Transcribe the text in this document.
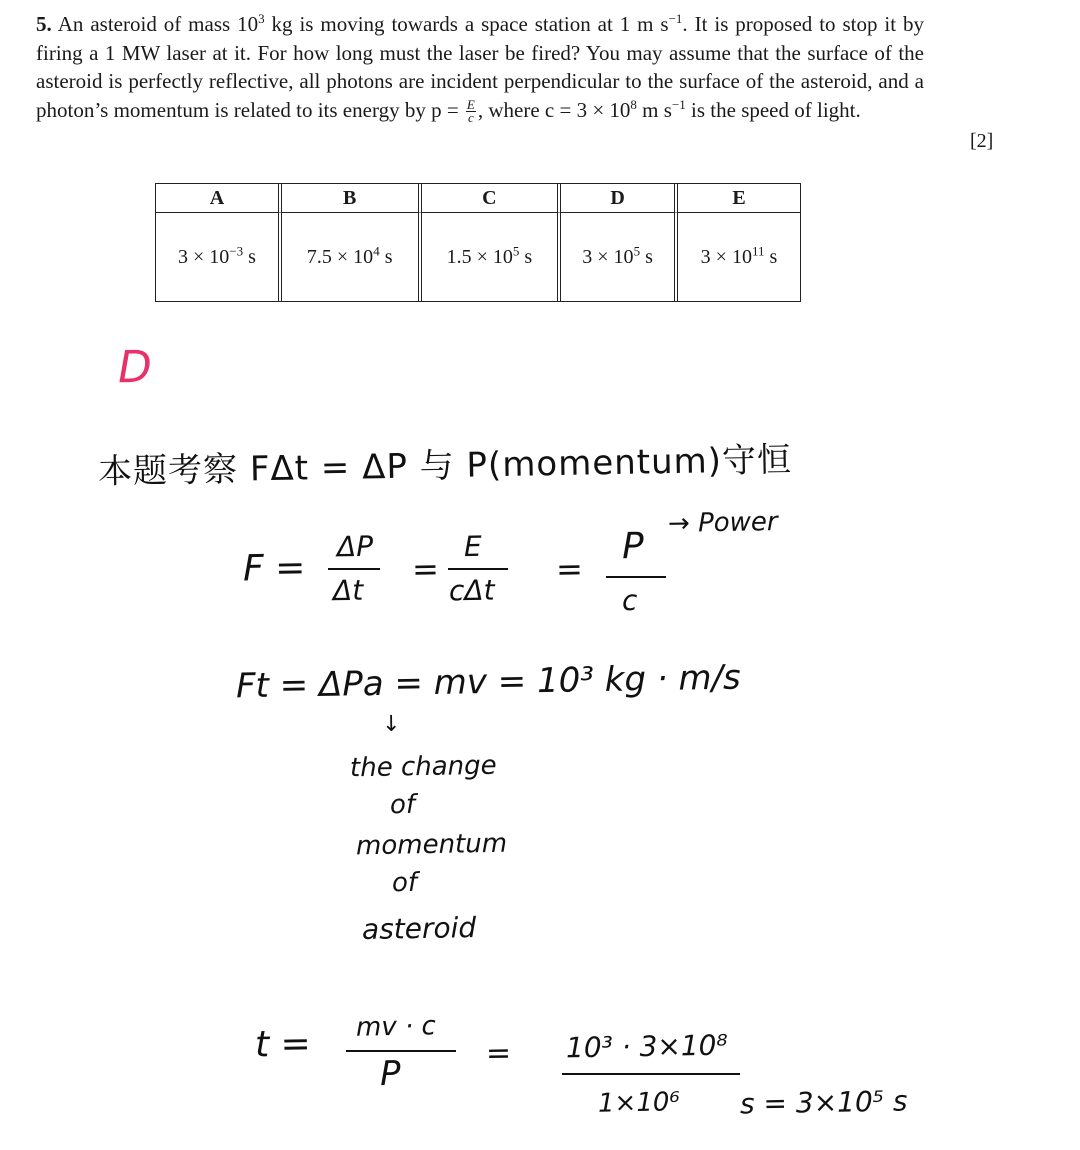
5. An asteroid of mass $10^3$ kg is moving towards a space station at 1 m $s^{-1}$. It is proposed to stop it by firing a 1 MW laser at it. For how long must the laser be fired? You may assume that the surface of the asteroid is perfectly reflective, all photons are incident perpendicular to the surface of the asteroid, and a photon’s momentum is related to its energy by $p = \frac{E}{c}$ , where $c = 3 \times 10^8$ m $s^{-1}$ is the speed of light.
[2]
A	B	C	D	E
$3 \times 10^{-3}$ s	$7.5 \times 10^4$ s	$1.5 \times 10^5$ s	$3 \times 10^5$ s	$3 \times 10^{11}$ s
D
本题考察 FΔt = ΔP 与 P(momentum)守恒
F =
ΔP
Δt
=
E
cΔt
=
P
c
→ Power
Ft = ΔPa = mv = 10³ kg · m/s
↓
the change
of
momentum
of
asteroid
t = mv · c
P
= 10³ · 3×10⁸
1×10⁶ s = 3×10⁵ s
